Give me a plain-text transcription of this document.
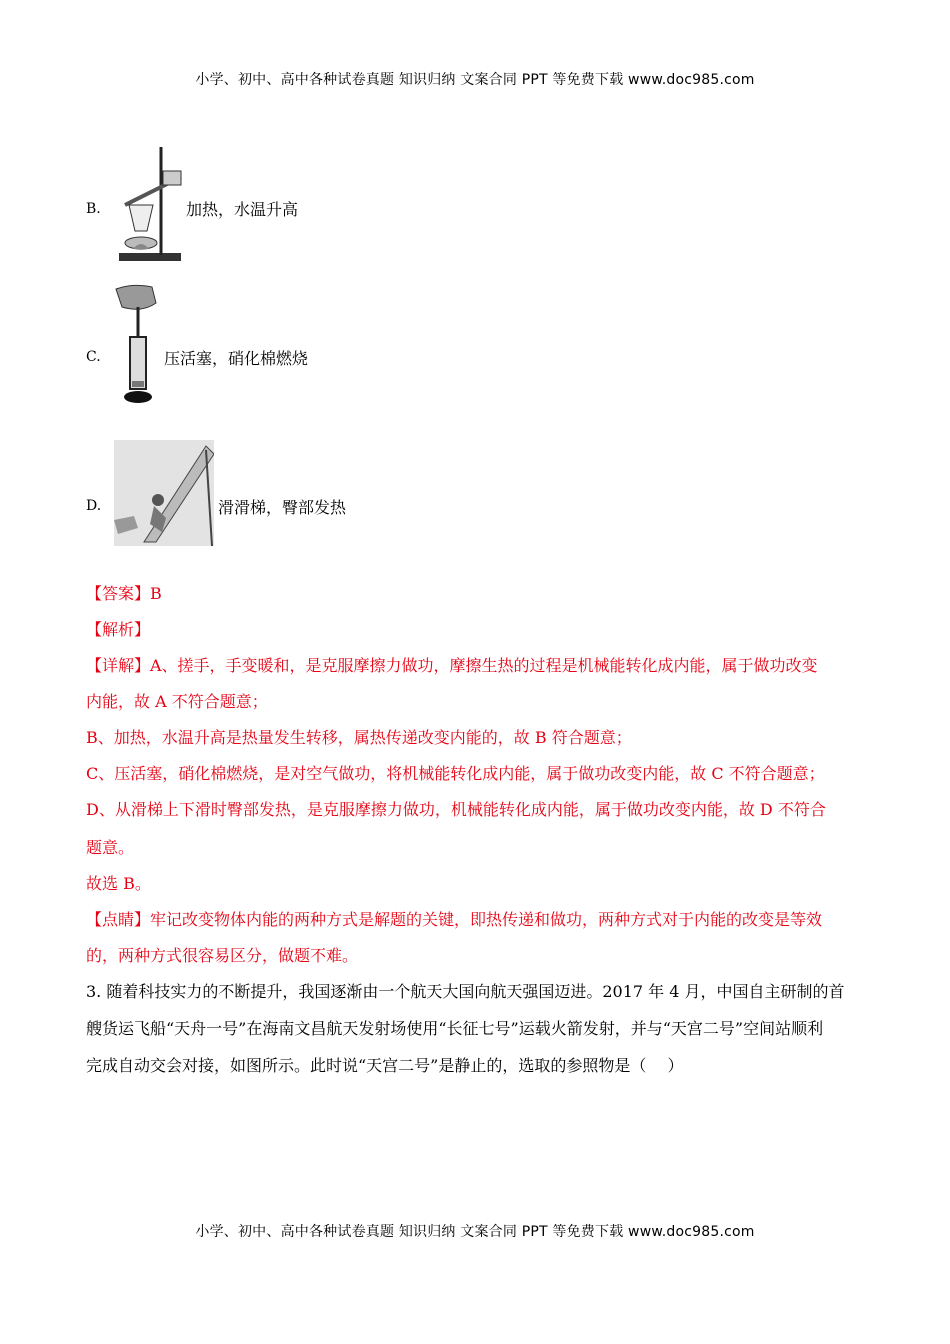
小学、初中、高中各种试卷真题 知识归纳 文案合同 PPT 等免费下载 www.doc985.com
B.	加热，水温升高
C.	压活塞，硝化棉燃烧
D.	滑滑梯，臀部发热
【答案】B
【解析】
【详解】A、搓手，手变暖和，是克服摩擦力做功，摩擦生热的过程是机械能转化成内能，属于做功改变
内能，故 A 不符合题意；
B、加热，水温升高是热量发生转移，属热传递改变内能的，故 B 符合题意；
C、压活塞，硝化棉燃烧，是对空气做功，将机械能转化成内能，属于做功改变内能，故 C 不符合题意；
D、从滑梯上下滑时臀部发热，是克服摩擦力做功，机械能转化成内能，属于做功改变内能，故 D 不符合
题意。
故选 B。
【点睛】牢记改变物体内能的两种方式是解题的关键，即热传递和做功，两种方式对于内能的改变是等效
的，两种方式很容易区分，做题不难。
3. 随着科技实力的不断提升，我国逐渐由一个航天大国向航天强国迈进。2017 年 4 月，中国自主研制的首
艘货运飞船“天舟一号”在海南文昌航天发射场使用“长征七号”运载火箭发射，并与“天宫二号”空间站顺利
完成自动交会对接，如图所示。此时说“天宫二号”是静止的，选取的参照物是（　 ）
小学、初中、高中各种试卷真题 知识归纳 文案合同 PPT 等免费下载 www.doc985.com
